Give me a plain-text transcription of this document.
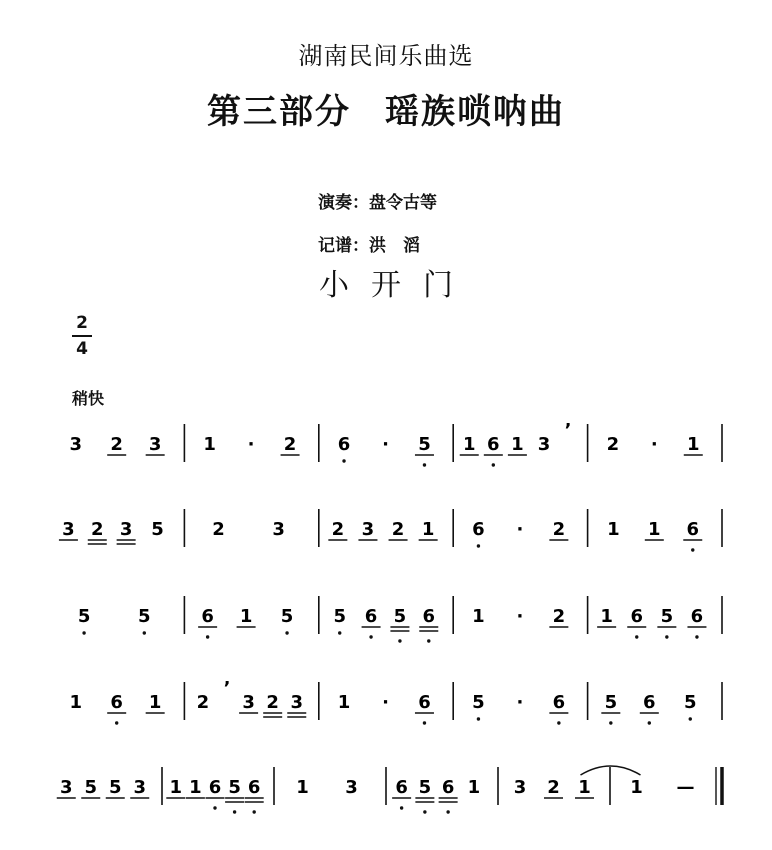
湖南民间乐曲选
第三部分 瑶族唢呐曲
演奏：盘令古等
记谱：洪　滔
小开门
2
4
稍快
3 2 3 1 · 2 6 · 5 1 6 1 3
’
2 · 1
3 2 3 5	2	3	2 3 2 1 6 · 2 1 1 6
5	5	6 1 5 5 6 5 6 1 · 2 1 6 5 6
1 6 1 2
’
3 2 3 1 · 6 5 · 6 5 6 5
3 5 5 3 1 1 6 5 6 1 3 6 5 6 1 3 2 1 1 —
